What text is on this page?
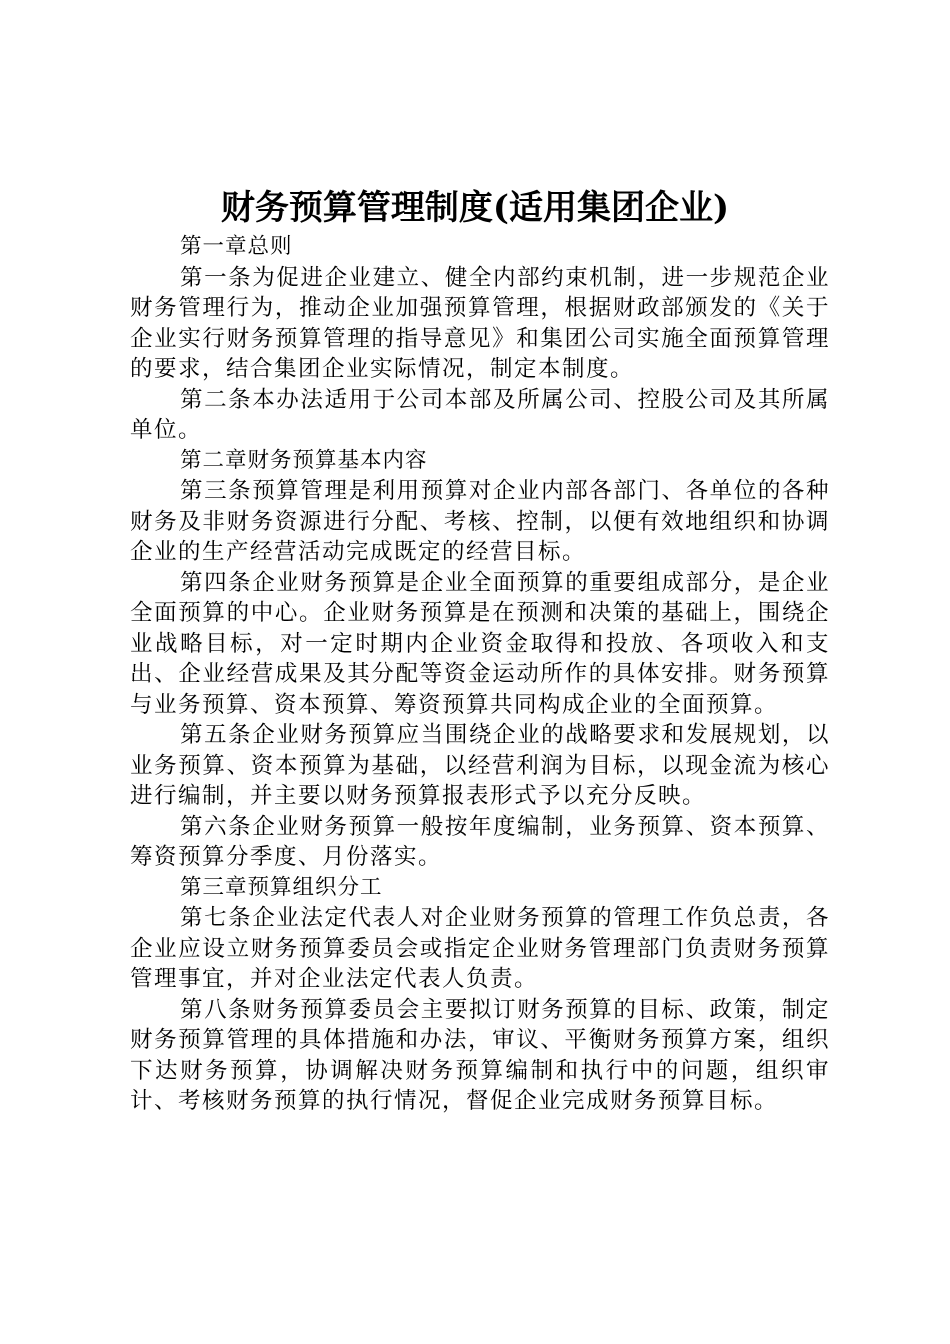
财务预算管理制度(适用集团企业)

第一章总则

第一条为促进企业建立、健全内部约束机制，进一步规范企业财务管理行为，推动企业加强预算管理，根据财政部颁发的《关于企业实行财务预算管理的指导意见》和集团公司实施全面预算管理的要求，结合集团企业实际情况，制定本制度。

第二条本办法适用于公司本部及所属公司、控股公司及其所属单位。

第二章财务预算基本内容

第三条预算管理是利用预算对企业内部各部门、各单位的各种财务及非财务资源进行分配、考核、控制，以便有效地组织和协调企业的生产经营活动完成既定的经营目标。

第四条企业财务预算是企业全面预算的重要组成部分，是企业全面预算的中心。企业财务预算是在预测和决策的基础上，围绕企业战略目标，对一定时期内企业资金取得和投放、各项收入和支出、企业经营成果及其分配等资金运动所作的具体安排。财务预算与业务预算、资本预算、筹资预算共同构成企业的全面预算。

第五条企业财务预算应当围绕企业的战略要求和发展规划，以业务预算、资本预算为基础，以经营利润为目标，以现金流为核心进行编制，并主要以财务预算报表形式予以充分反映。

第六条企业财务预算一般按年度编制，业务预算、资本预算、筹资预算分季度、月份落实。

第三章预算组织分工

第七条企业法定代表人对企业财务预算的管理工作负总责，各企业应设立财务预算委员会或指定企业财务管理部门负责财务预算管理事宜，并对企业法定代表人负责。

第八条财务预算委员会主要拟订财务预算的目标、政策，制定财务预算管理的具体措施和办法，审议、平衡财务预算方案，组织下达财务预算，协调解决财务预算编制和执行中的问题，组织审计、考核财务预算的执行情况，督促企业完成财务预算目标。
